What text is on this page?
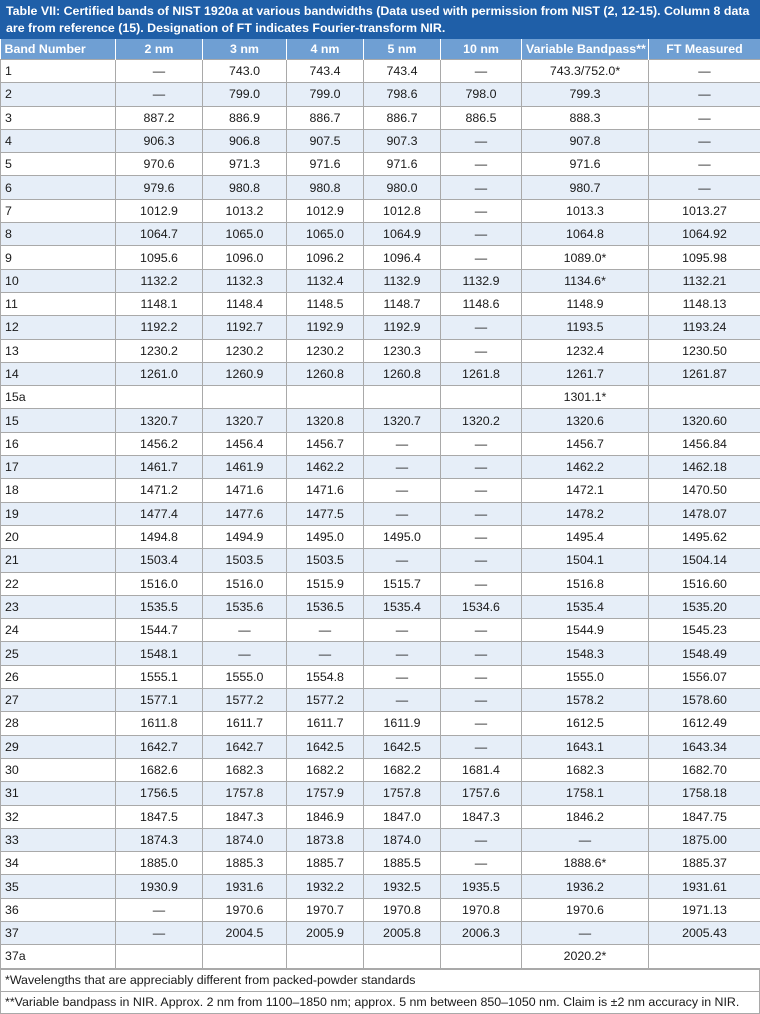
Table VII: Certified bands of NIST 1920a at various bandwidths (Data used with permission from NIST (2, 12-15). Column 8 data are from reference (15). Designation of FT indicates Fourier-transform NIR.
Band Number	2 nm	3 nm	4 nm	5 nm	10 nm	Variable Bandpass**	FT Measured
1	—	743.0	743.4	743.4	—	743.3/752.0*	—
2	—	799.0	799.0	798.6	798.0	799.3	—
3	887.2	886.9	886.7	886.7	886.5	888.3	—
4	906.3	906.8	907.5	907.3	—	907.8	—
5	970.6	971.3	971.6	971.6	—	971.6	—
6	979.6	980.8	980.8	980.0	—	980.7	—
7	1012.9	1013.2	1012.9	1012.8	—	1013.3	1013.27
8	1064.7	1065.0	1065.0	1064.9	—	1064.8	1064.92
9	1095.6	1096.0	1096.2	1096.4	—	1089.0*	1095.98
10	1132.2	1132.3	1132.4	1132.9	1132.9	1134.6*	1132.21
11	1148.1	1148.4	1148.5	1148.7	1148.6	1148.9	1148.13
12	1192.2	1192.7	1192.9	1192.9	—	1193.5	1193.24
13	1230.2	1230.2	1230.2	1230.3	—	1232.4	1230.50
14	1261.0	1260.9	1260.8	1260.8	1261.8	1261.7	1261.87
15a						1301.1*	
15	1320.7	1320.7	1320.8	1320.7	1320.2	1320.6	1320.60
16	1456.2	1456.4	1456.7	—	—	1456.7	1456.84
17	1461.7	1461.9	1462.2	—	—	1462.2	1462.18
18	1471.2	1471.6	1471.6	—	—	1472.1	1470.50
19	1477.4	1477.6	1477.5	—	—	1478.2	1478.07
20	1494.8	1494.9	1495.0	1495.0	—	1495.4	1495.62
21	1503.4	1503.5	1503.5	—	—	1504.1	1504.14
22	1516.0	1516.0	1515.9	1515.7	—	1516.8	1516.60
23	1535.5	1535.6	1536.5	1535.4	1534.6	1535.4	1535.20
24	1544.7	—	—	—	—	1544.9	1545.23
25	1548.1	—	—	—	—	1548.3	1548.49
26	1555.1	1555.0	1554.8	—	—	1555.0	1556.07
27	1577.1	1577.2	1577.2	—	—	1578.2	1578.60
28	1611.8	1611.7	1611.7	1611.9	—	1612.5	1612.49
29	1642.7	1642.7	1642.5	1642.5	—	1643.1	1643.34
30	1682.6	1682.3	1682.2	1682.2	1681.4	1682.3	1682.70
31	1756.5	1757.8	1757.9	1757.8	1757.6	1758.1	1758.18
32	1847.5	1847.3	1846.9	1847.0	1847.3	1846.2	1847.75
33	1874.3	1874.0	1873.8	1874.0	—	—	1875.00
34	1885.0	1885.3	1885.7	1885.5	—	1888.6*	1885.37
35	1930.9	1931.6	1932.2	1932.5	1935.5	1936.2	1931.61
36	—	1970.6	1970.7	1970.8	1970.8	1970.6	1971.13
37	—	2004.5	2005.9	2005.8	2006.3	—	2005.43
37a						2020.2*	
*Wavelengths that are appreciably different from packed-powder standards
**Variable bandpass in NIR. Approx. 2 nm from 1100–1850 nm; approx. 5 nm between 850–1050 nm. Claim is ±2 nm accuracy in NIR.
